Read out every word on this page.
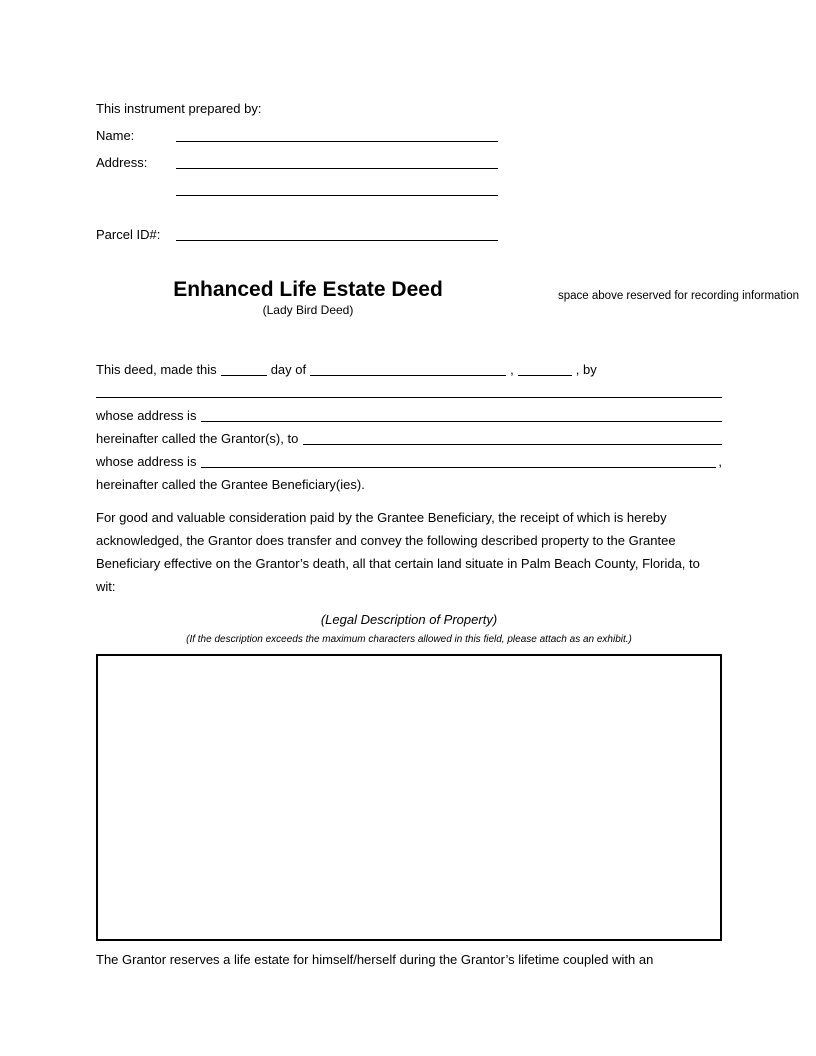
This instrument prepared by:
Name:
Address:
Parcel ID#:
Enhanced Life Estate Deed
(Lady Bird Deed)
This deed, made this	day of	,	, by
whose address is
hereinafter called the Grantor(s), to
whose address is	,
hereinafter called the Grantee Beneficiary(ies).
For good and valuable consideration paid by the Grantee Beneficiary, the receipt of which is hereby
acknowledged, the Grantor does transfer and convey the following described property to the Grantee
Beneficiary effective on the Grantor’s death, all that certain land situate in Palm Beach County, Florida, to
wit:
(Legal Description of Property)
(If the description exceeds the maximum characters allowed in this field, please attach as an exhibit.)
The Grantor reserves a life estate for himself/herself during the Grantor’s lifetime coupled with an
space above reserved for recording information
